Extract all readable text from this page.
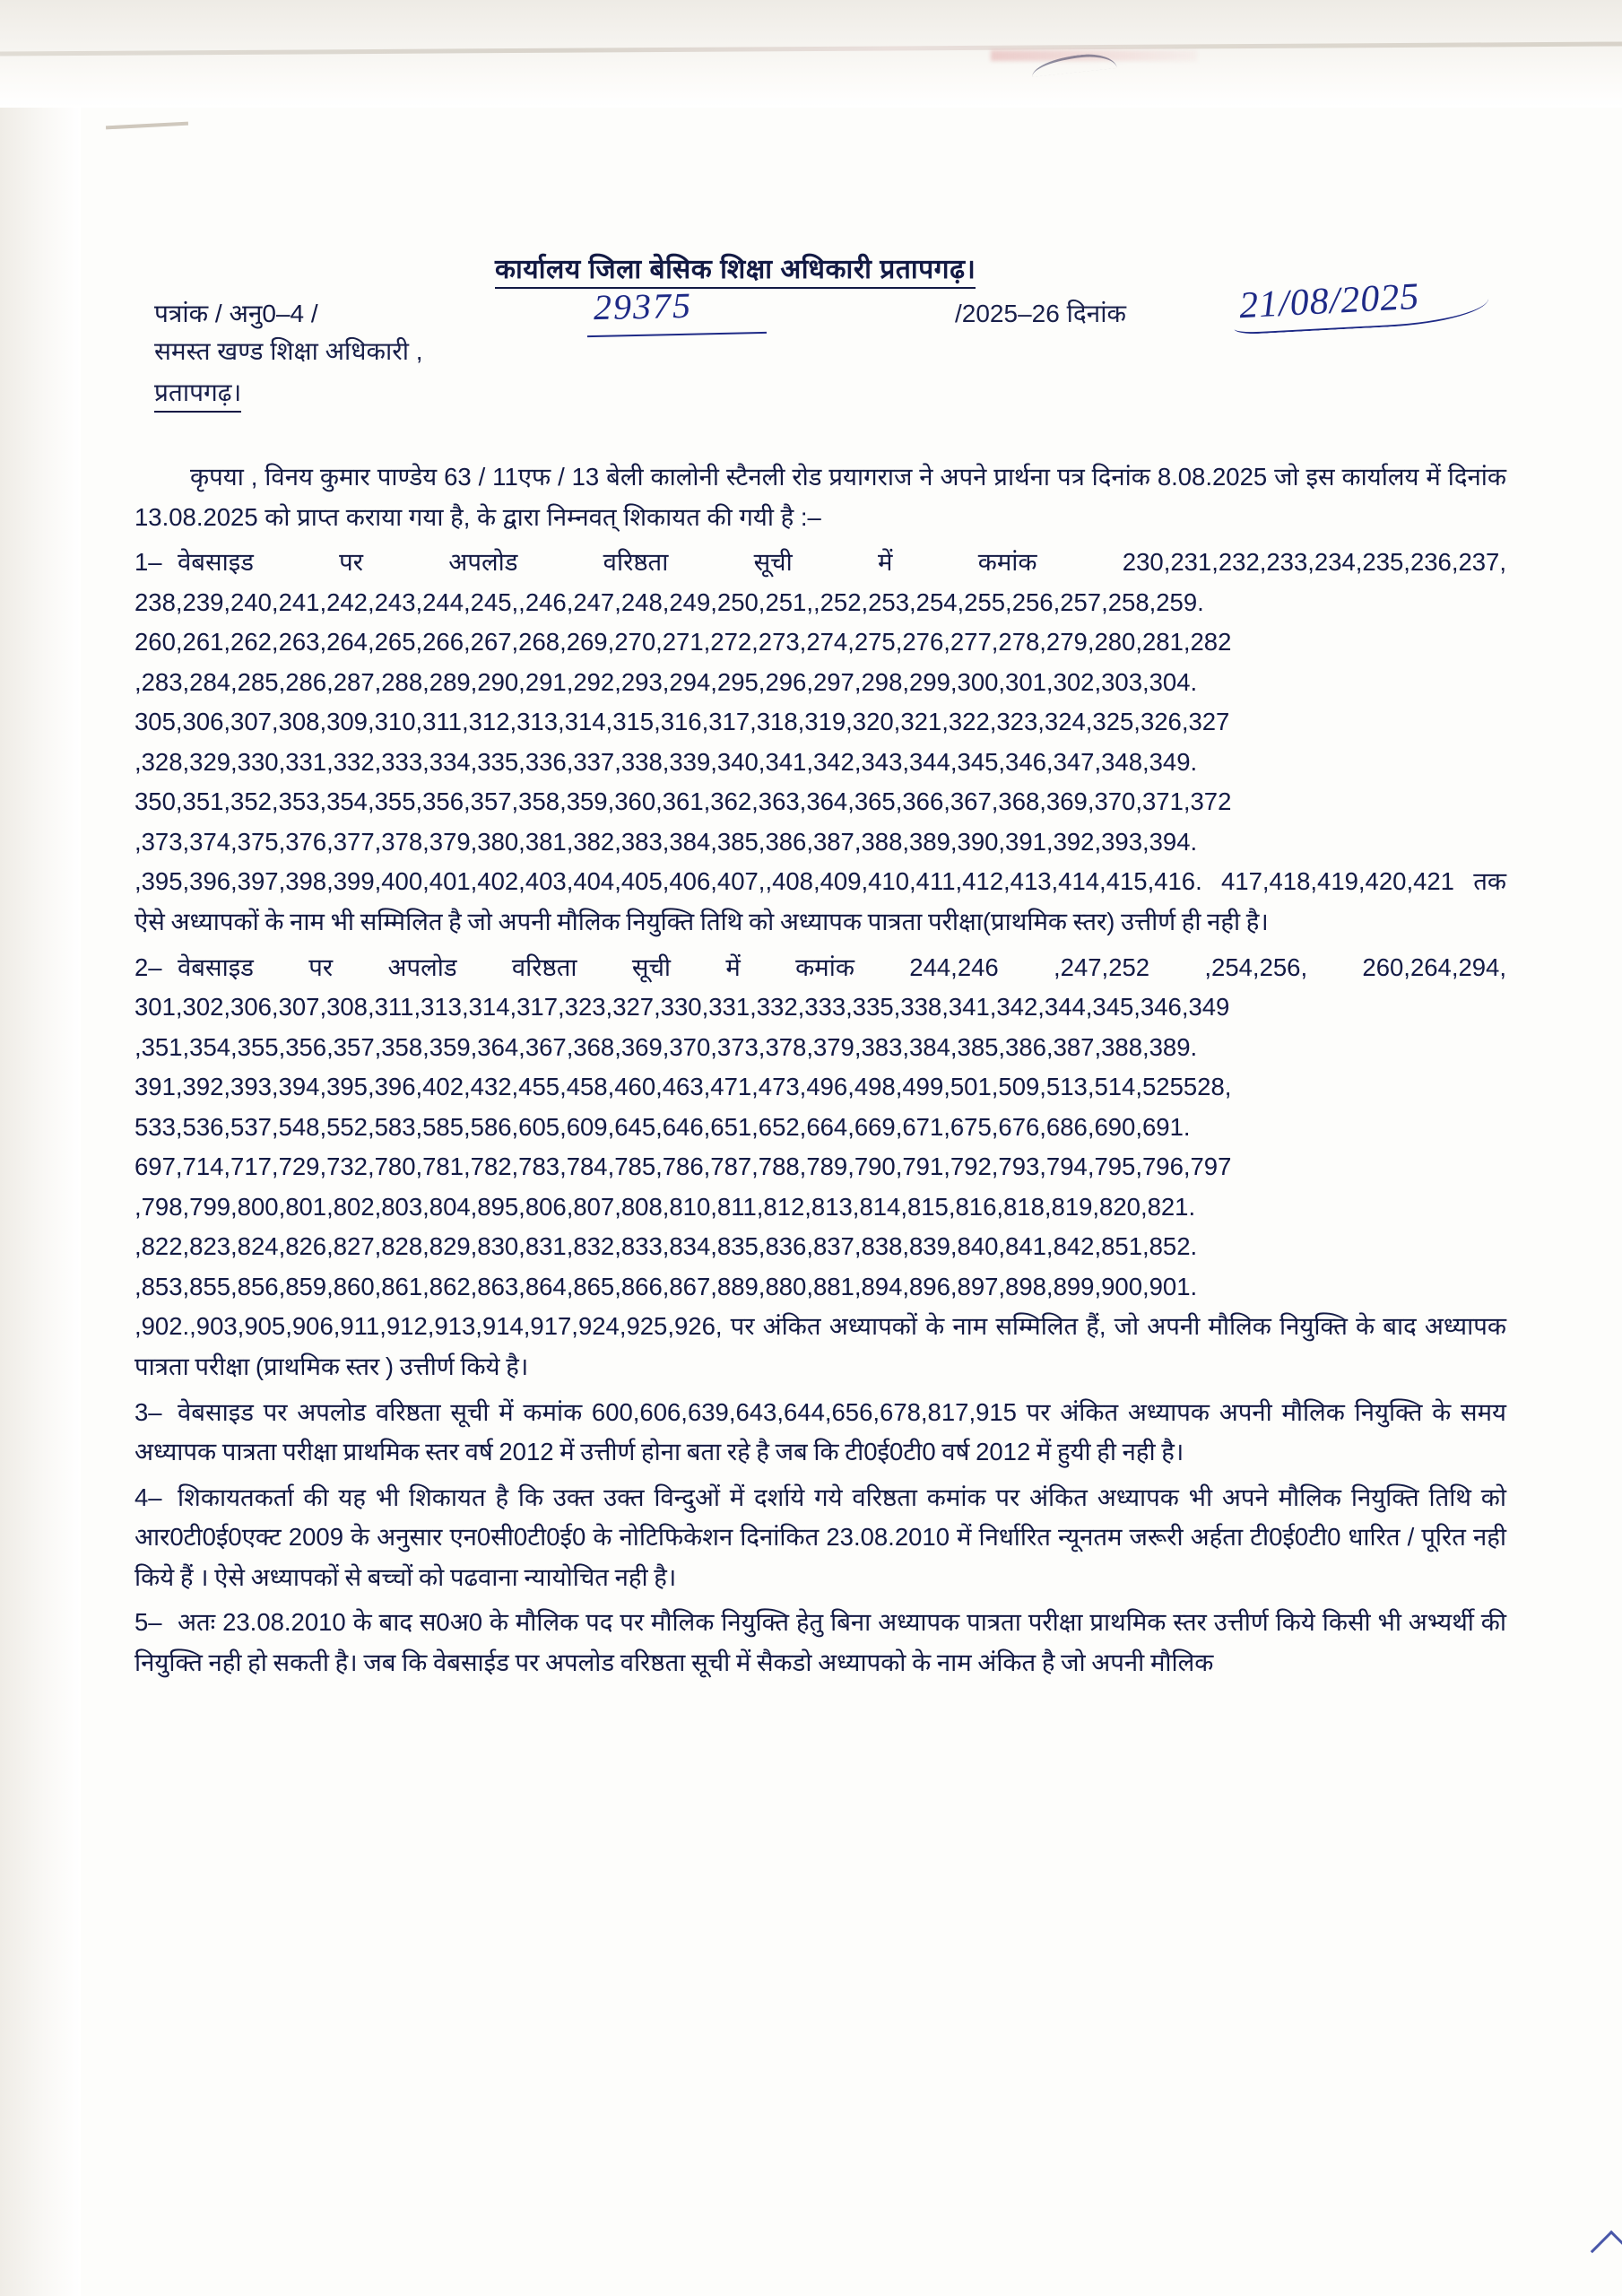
कार्यालय जिला बेसिक शिक्षा अधिकारी प्रतापगढ़।
पत्रांक / अनु0–4 /	29375	/2025–26 दिनांक	21/08/2025
समस्त खण्ड शिक्षा अधिकारी ,
प्रतापगढ़।

कृपया , विनय कुमार पाण्डेय 63 / 11एफ / 13 बेली कालोनी स्टैनली रोड प्रयागराज ने अपने प्रार्थना पत्र दिनांक 8.08.2025 जो इस कार्यालय में दिनांक 13.08.2025 को प्राप्त कराया गया है, के द्वारा निम्नवत् शिकायत की गयी है :–

1– वेबसाइड पर अपलोड वरिष्ठता सूची में कमांक 230,231,232,233,234,235,236,237, 238,239,240,241,242,243,244,245,,246,247,248,249,250,251,,252,253,254,255,256,257,258,259. 260,261,262,263,264,265,266,267,268,269,270,271,272,273,274,275,276,277,278,279,280,281,282 ,283,284,285,286,287,288,289,290,291,292,293,294,295,296,297,298,299,300,301,302,303,304. 305,306,307,308,309,310,311,312,313,314,315,316,317,318,319,320,321,322,323,324,325,326,327 ,328,329,330,331,332,333,334,335,336,337,338,339,340,341,342,343,344,345,346,347,348,349. 350,351,352,353,354,355,356,357,358,359,360,361,362,363,364,365,366,367,368,369,370,371,372 ,373,374,375,376,377,378,379,380,381,382,383,384,385,386,387,388,389,390,391,392,393,394. ,395,396,397,398,399,400,401,402,403,404,405,406,407,,408,409,410,411,412,413,414,415,416. 417,418,419,420,421 तक ऐसे अध्यापकों के नाम भी सम्मिलित है जो अपनी मौलिक नियुक्ति तिथि को अध्यापक पात्रता परीक्षा(प्राथमिक स्तर) उत्तीर्ण ही नही है।

2– वेबसाइड पर अपलोड वरिष्ठता सूची में कमांक 244,246 ,247,252 ,254,256, 260,264,294, 301,302,306,307,308,311,313,314,317,323,327,330,331,332,333,335,338,341,342,344,345,346,349 ,351,354,355,356,357,358,359,364,367,368,369,370,373,378,379,383,384,385,386,387,388,389. 391,392,393,394,395,396,402,432,455,458,460,463,471,473,496,498,499,501,509,513,514,525528, 533,536,537,548,552,583,585,586,605,609,645,646,651,652,664,669,671,675,676,686,690,691. 697,714,717,729,732,780,781,782,783,784,785,786,787,788,789,790,791,792,793,794,795,796,797 ,798,799,800,801,802,803,804,895,806,807,808,810,811,812,813,814,815,816,818,819,820,821. ,822,823,824,826,827,828,829,830,831,832,833,834,835,836,837,838,839,840,841,842,851,852. ,853,855,856,859,860,861,862,863,864,865,866,867,889,880,881,894,896,897,898,899,900,901. ,902.,903,905,906,911,912,913,914,917,924,925,926, पर अंकित अध्यापकों के नाम सम्मिलित हैं, जो अपनी मौलिक नियुक्ति के बाद अध्यापक पात्रता परीक्षा (प्राथमिक स्तर ) उत्तीर्ण किये है।

3– वेबसाइड पर अपलोड वरिष्ठता सूची में कमांक 600,606,639,643,644,656,678,817,915 पर अंकित अध्यापक अपनी मौलिक नियुक्ति के समय अध्यापक पात्रता परीक्षा प्राथमिक स्तर वर्ष 2012 में उत्तीर्ण होना बता रहे है जब कि टी0ई0टी0 वर्ष 2012 में हुयी ही नही है।

4– शिकायतकर्ता की यह भी शिकायत है कि उक्त उक्त विन्दुओं में दर्शाये गये वरिष्ठता कमांक पर अंकित अध्यापक भी अपने मौलिक नियुक्ति तिथि को आर0टी0ई0एक्ट 2009 के अनुसार एन0सी0टी0ई0 के नोटिफिकेशन दिनांकित 23.08.2010 में निर्धारित न्यूनतम जरूरी अर्हता टी0ई0टी0 धारित / पूरित नही किये हैं । ऐसे अध्यापकों से बच्चों को पढवाना न्यायोचित नही है।

5– अतः 23.08.2010 के बाद स0अ0 के मौलिक पद पर मौलिक नियुक्ति हेतु बिना अध्यापक पात्रता परीक्षा प्राथमिक स्तर उत्तीर्ण किये किसी भी अभ्यर्थी की नियुक्ति नही हो सकती है। जब कि वेबसाईड पर अपलोड वरिष्ठता सूची में सैकडो अध्यापको के नाम अंकित है जो अपनी मौलिक
